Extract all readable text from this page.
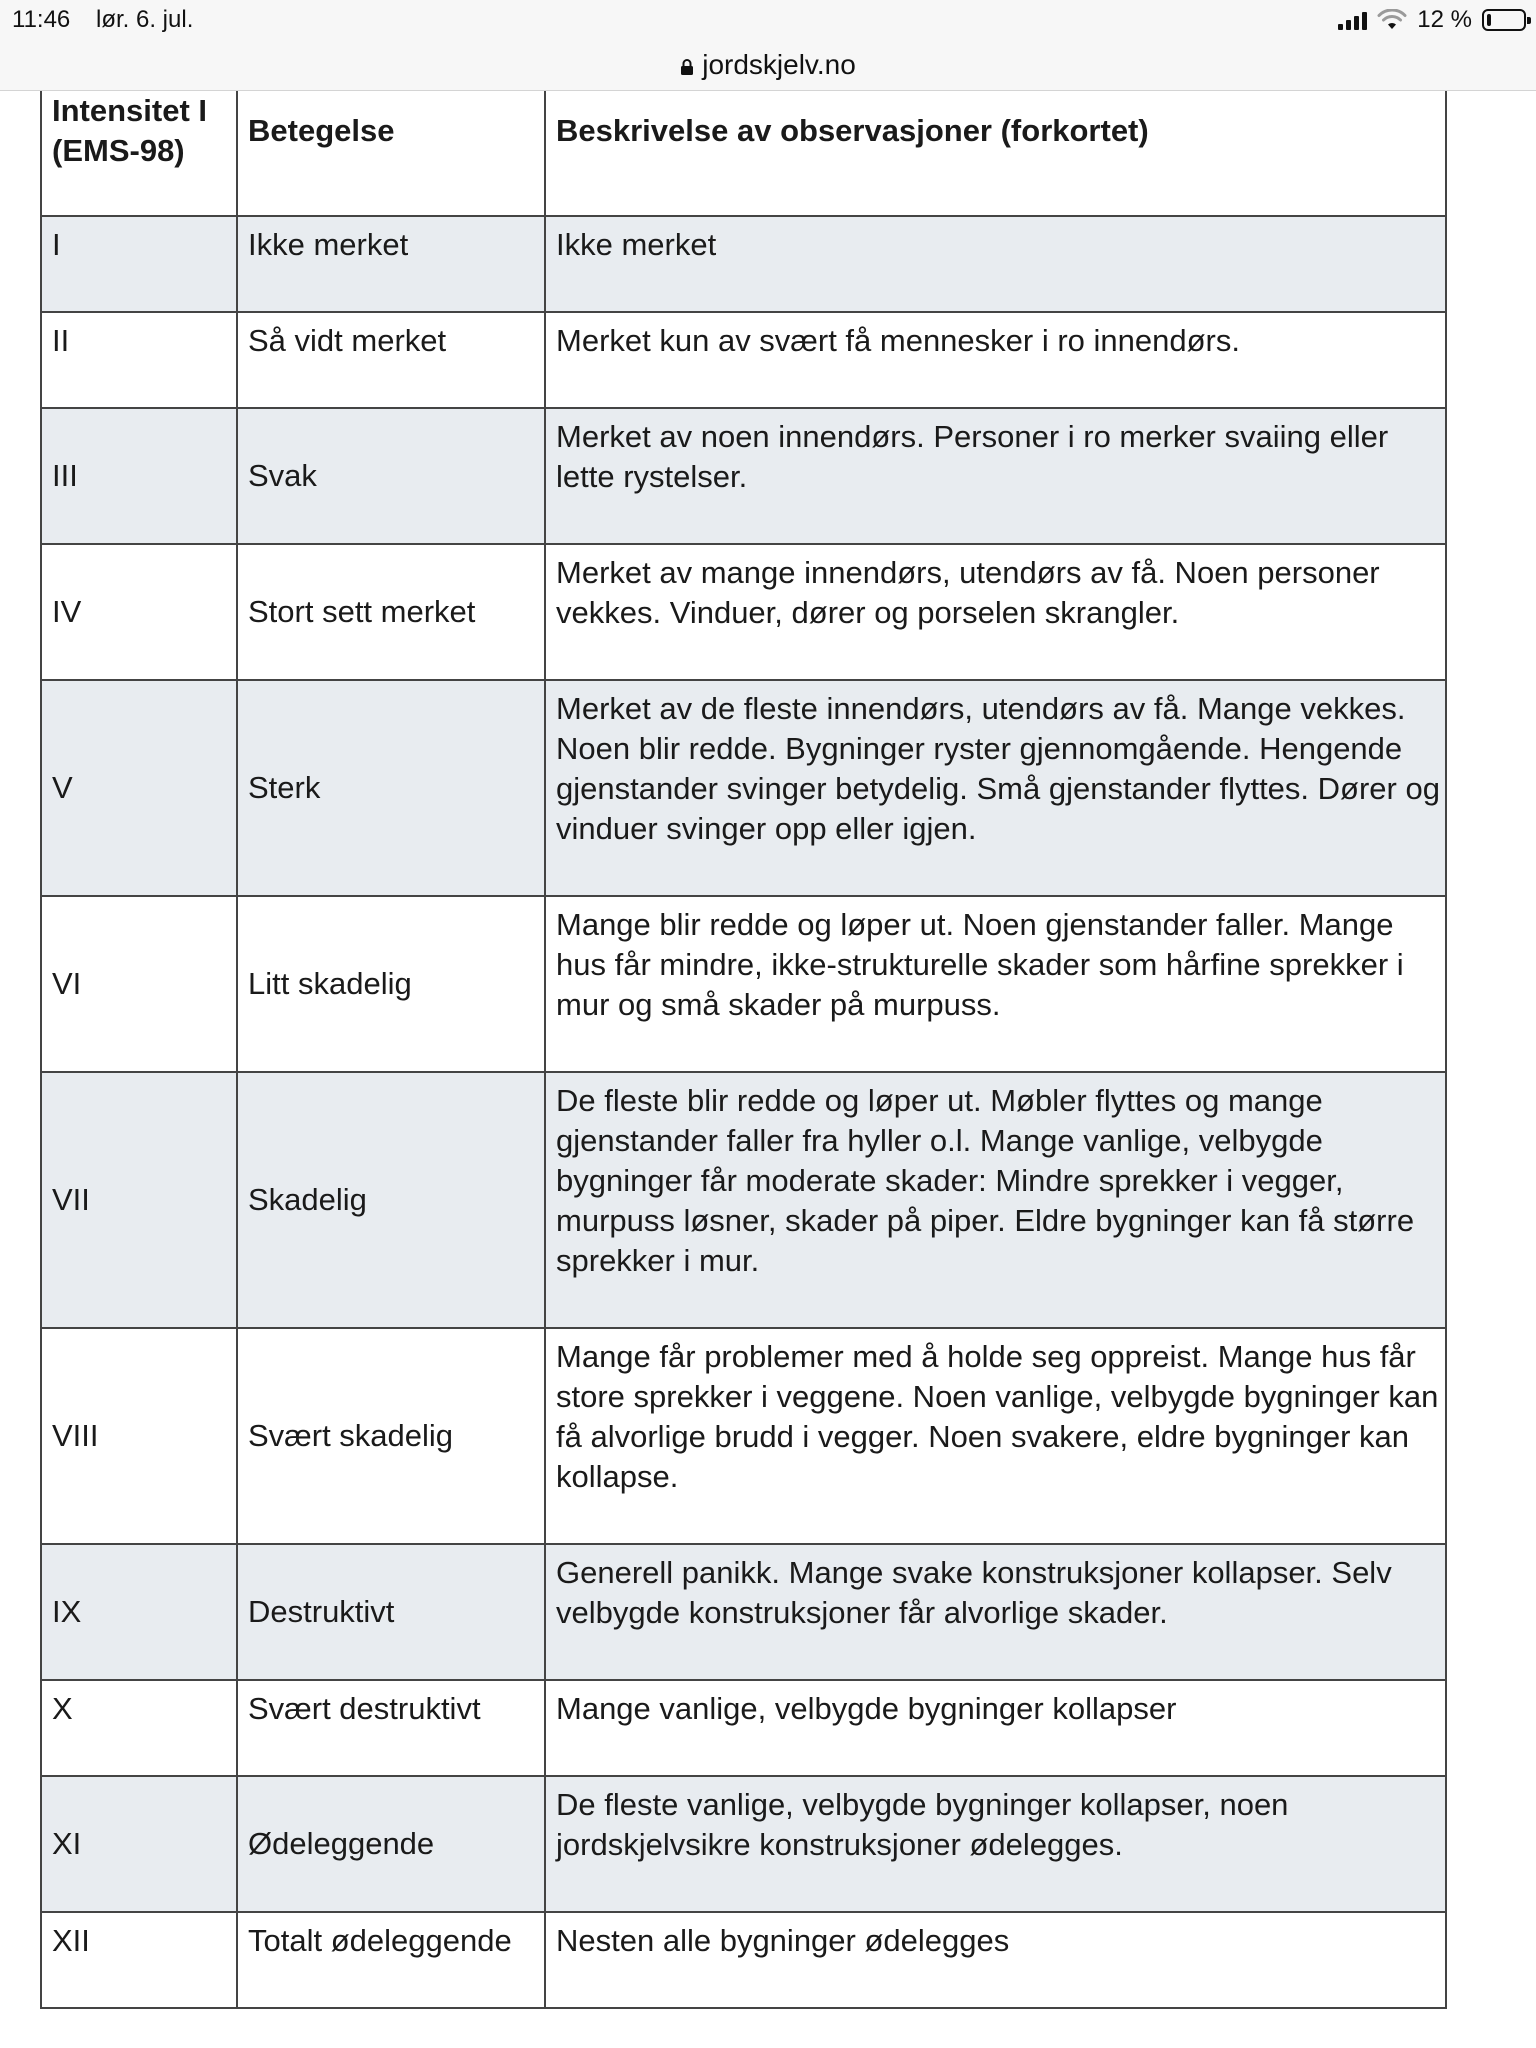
11:46 lør. 6. jul.	12 %
jordskjelv.no
Intensitet I (EMS-98)	Betegelse	Beskrivelse av observasjoner (forkortet)
I	Ikke merket	Ikke merket
II	Så vidt merket	Merket kun av svært få mennesker i ro innendørs.
III	Svak	Merket av noen innendørs. Personer i ro merker svaiing eller lette rystelser.
IV	Stort sett merket	Merket av mange innendørs, utendørs av få. Noen personer vekkes. Vinduer, dører og porselen skrangler.
V	Sterk	Merket av de fleste innendørs, utendørs av få. Mange vekkes. Noen blir redde. Bygninger ryster gjennomgående. Hengende gjenstander svinger betydelig. Små gjenstander flyttes. Dører og vinduer svinger opp eller igjen.
VI	Litt skadelig	Mange blir redde og løper ut. Noen gjenstander faller. Mange hus får mindre, ikke-strukturelle skader som hårfine sprekker i mur og små skader på murpuss.
VII	Skadelig	De fleste blir redde og løper ut. Møbler flyttes og mange gjenstander faller fra hyller o.l. Mange vanlige, velbygde bygninger får moderate skader: Mindre sprekker i vegger, murpuss løsner, skader på piper. Eldre bygninger kan få større sprekker i mur.
VIII	Svært skadelig	Mange får problemer med å holde seg oppreist. Mange hus får store sprekker i veggene. Noen vanlige, velbygde bygninger kan få alvorlige brudd i vegger. Noen svakere, eldre bygninger kan kollapse.
IX	Destruktivt	Generell panikk. Mange svake konstruksjoner kollapser. Selv velbygde konstruksjoner får alvorlige skader.
X	Svært destruktivt	Mange vanlige, velbygde bygninger kollapser
XI	Ødeleggende	De fleste vanlige, velbygde bygninger kollapser, noen jordskjelvsikre konstruksjoner ødelegges.
XII	Totalt ødeleggende	Nesten alle bygninger ødelegges
